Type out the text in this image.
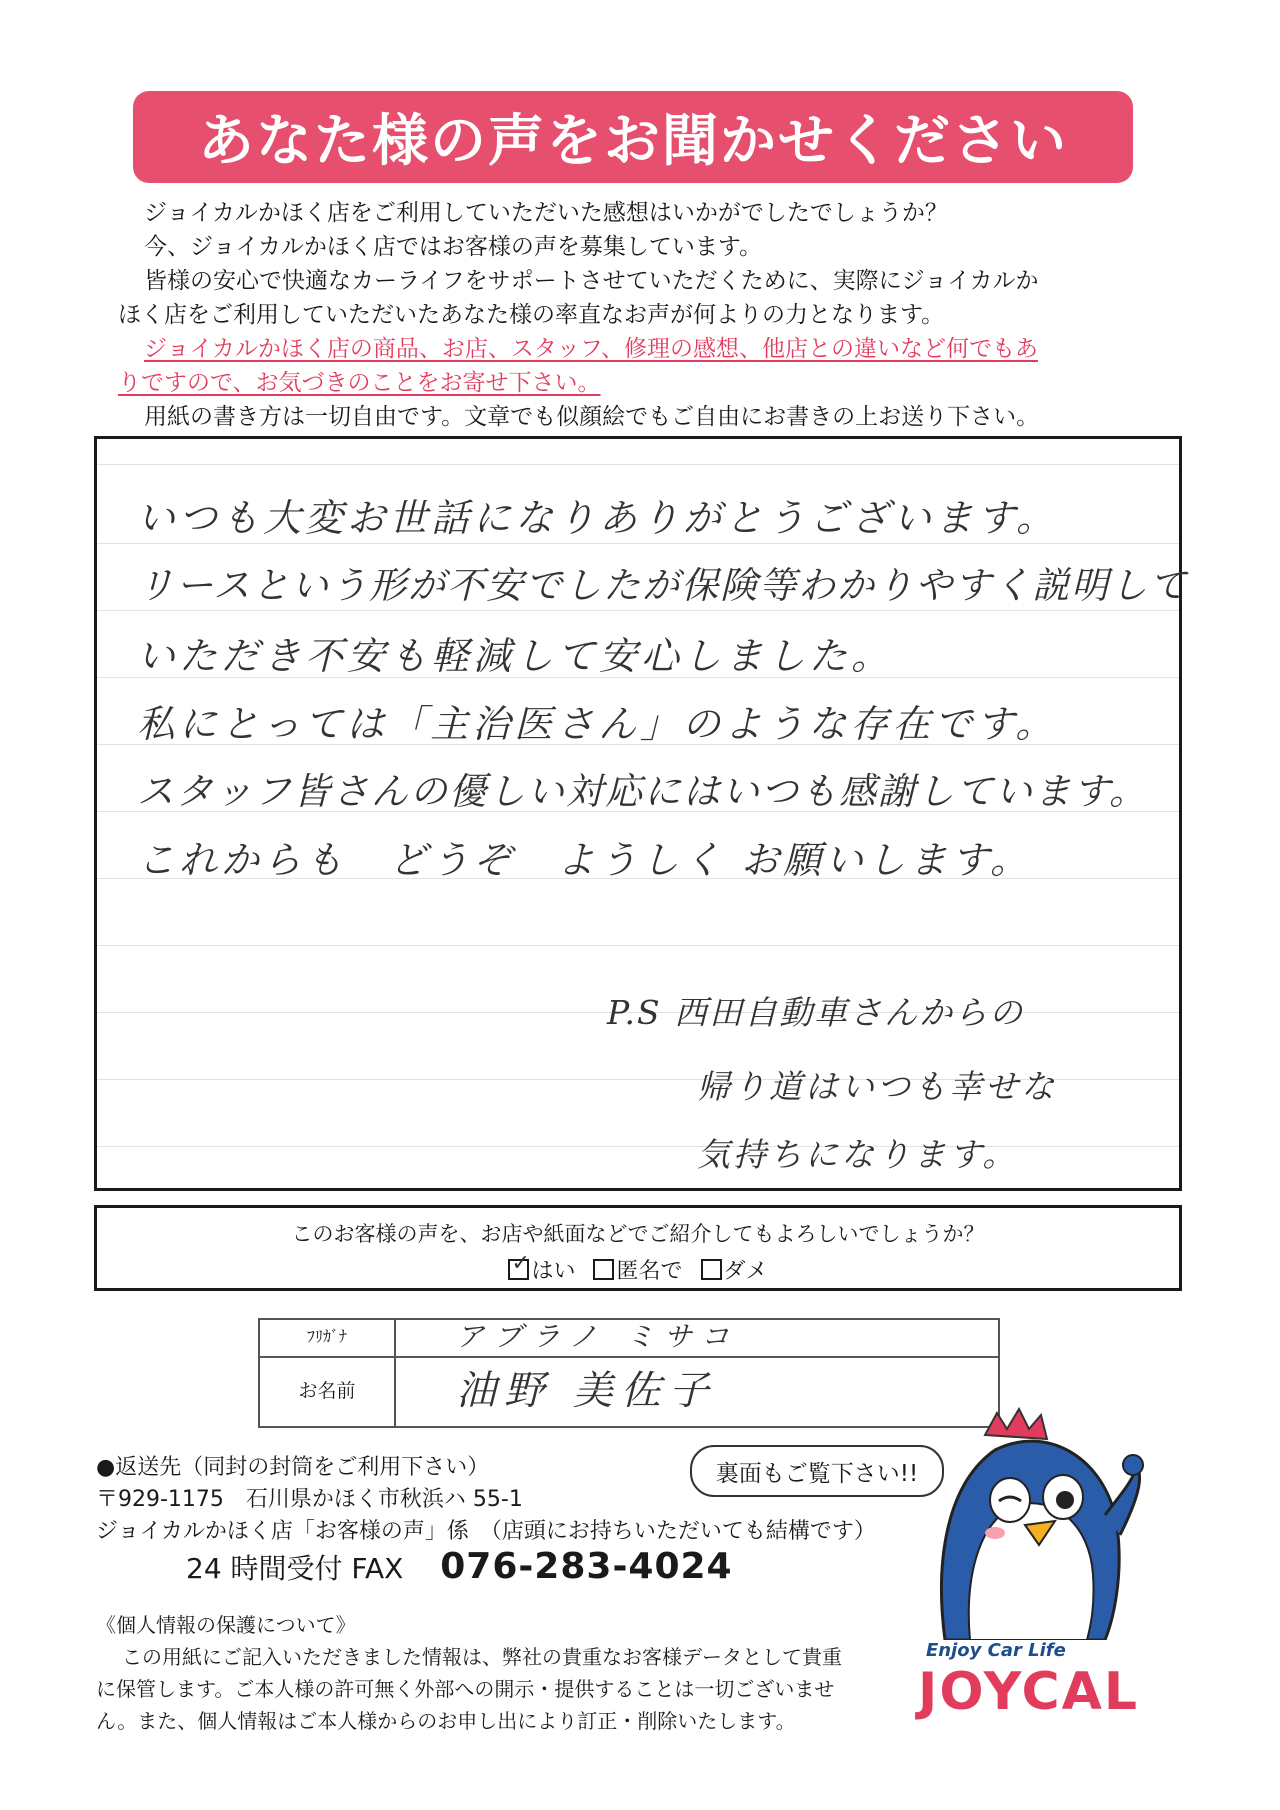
あなた様の声をお聞かせください

ジョイカルかほく店をご利用していただいた感想はいかがでしたでしょうか？

今、ジョイカルかほく店ではお客様の声を募集しています。

皆様の安心で快適なカーライフをサポートさせていただくために、実際にジョイカルか

ほく店をご利用していただいたあなた様の率直なお声が何よりの力となります。

ジョイカルかほく店の商品、お店、スタッフ、修理の感想、他店との違いなど何でもあ

りですので、お気づきのことをお寄せ下さい。

用紙の書き方は一切自由です。文章でも似顔絵でもご自由にお書きの上お送り下さい。

いつも大変お世話になりありがとうございます。
リースという形が不安でしたが保険等わかりやすく説明して
いただき不安も軽減して安心しました。
私にとっては「主治医さん」のような存在です。
スタッフ皆さんの優しい対応にはいつも感謝しています。
これからも　どうぞ　ようしく お願いします。
P.S 西田自動車さんからの
帰り道はいつも幸せな
気持ちになります。
このお客様の声を、お店や紙面などでご紹介してもよろしいでしょうか？
✓ はい 匿名で ダメ
ﾌﾘｶﾞﾅ	アブラノ ミサコ
お名前	油野 美佐子

●返送先（同封の封筒をご利用下さい）

〒929-1175　石川県かほく市秋浜ハ 55-1

ジョイカルかほく店「お客様の声」係　（店頭にお持ちいただいても結構です）

24 時間受付 FAX 076-283-4024

《個人情報の保護について》

この用紙にご記入いただきました情報は、弊社の貴重なお客様データとして貴重

に保管します。ご本人様の許可無く外部への開示・提供することは一切ございませ

ん。また、個人情報はご本人様からのお申し出により訂正・削除いたします。

裏面もご覧下さい!!
Enjoy Car Life
JOYCAL
